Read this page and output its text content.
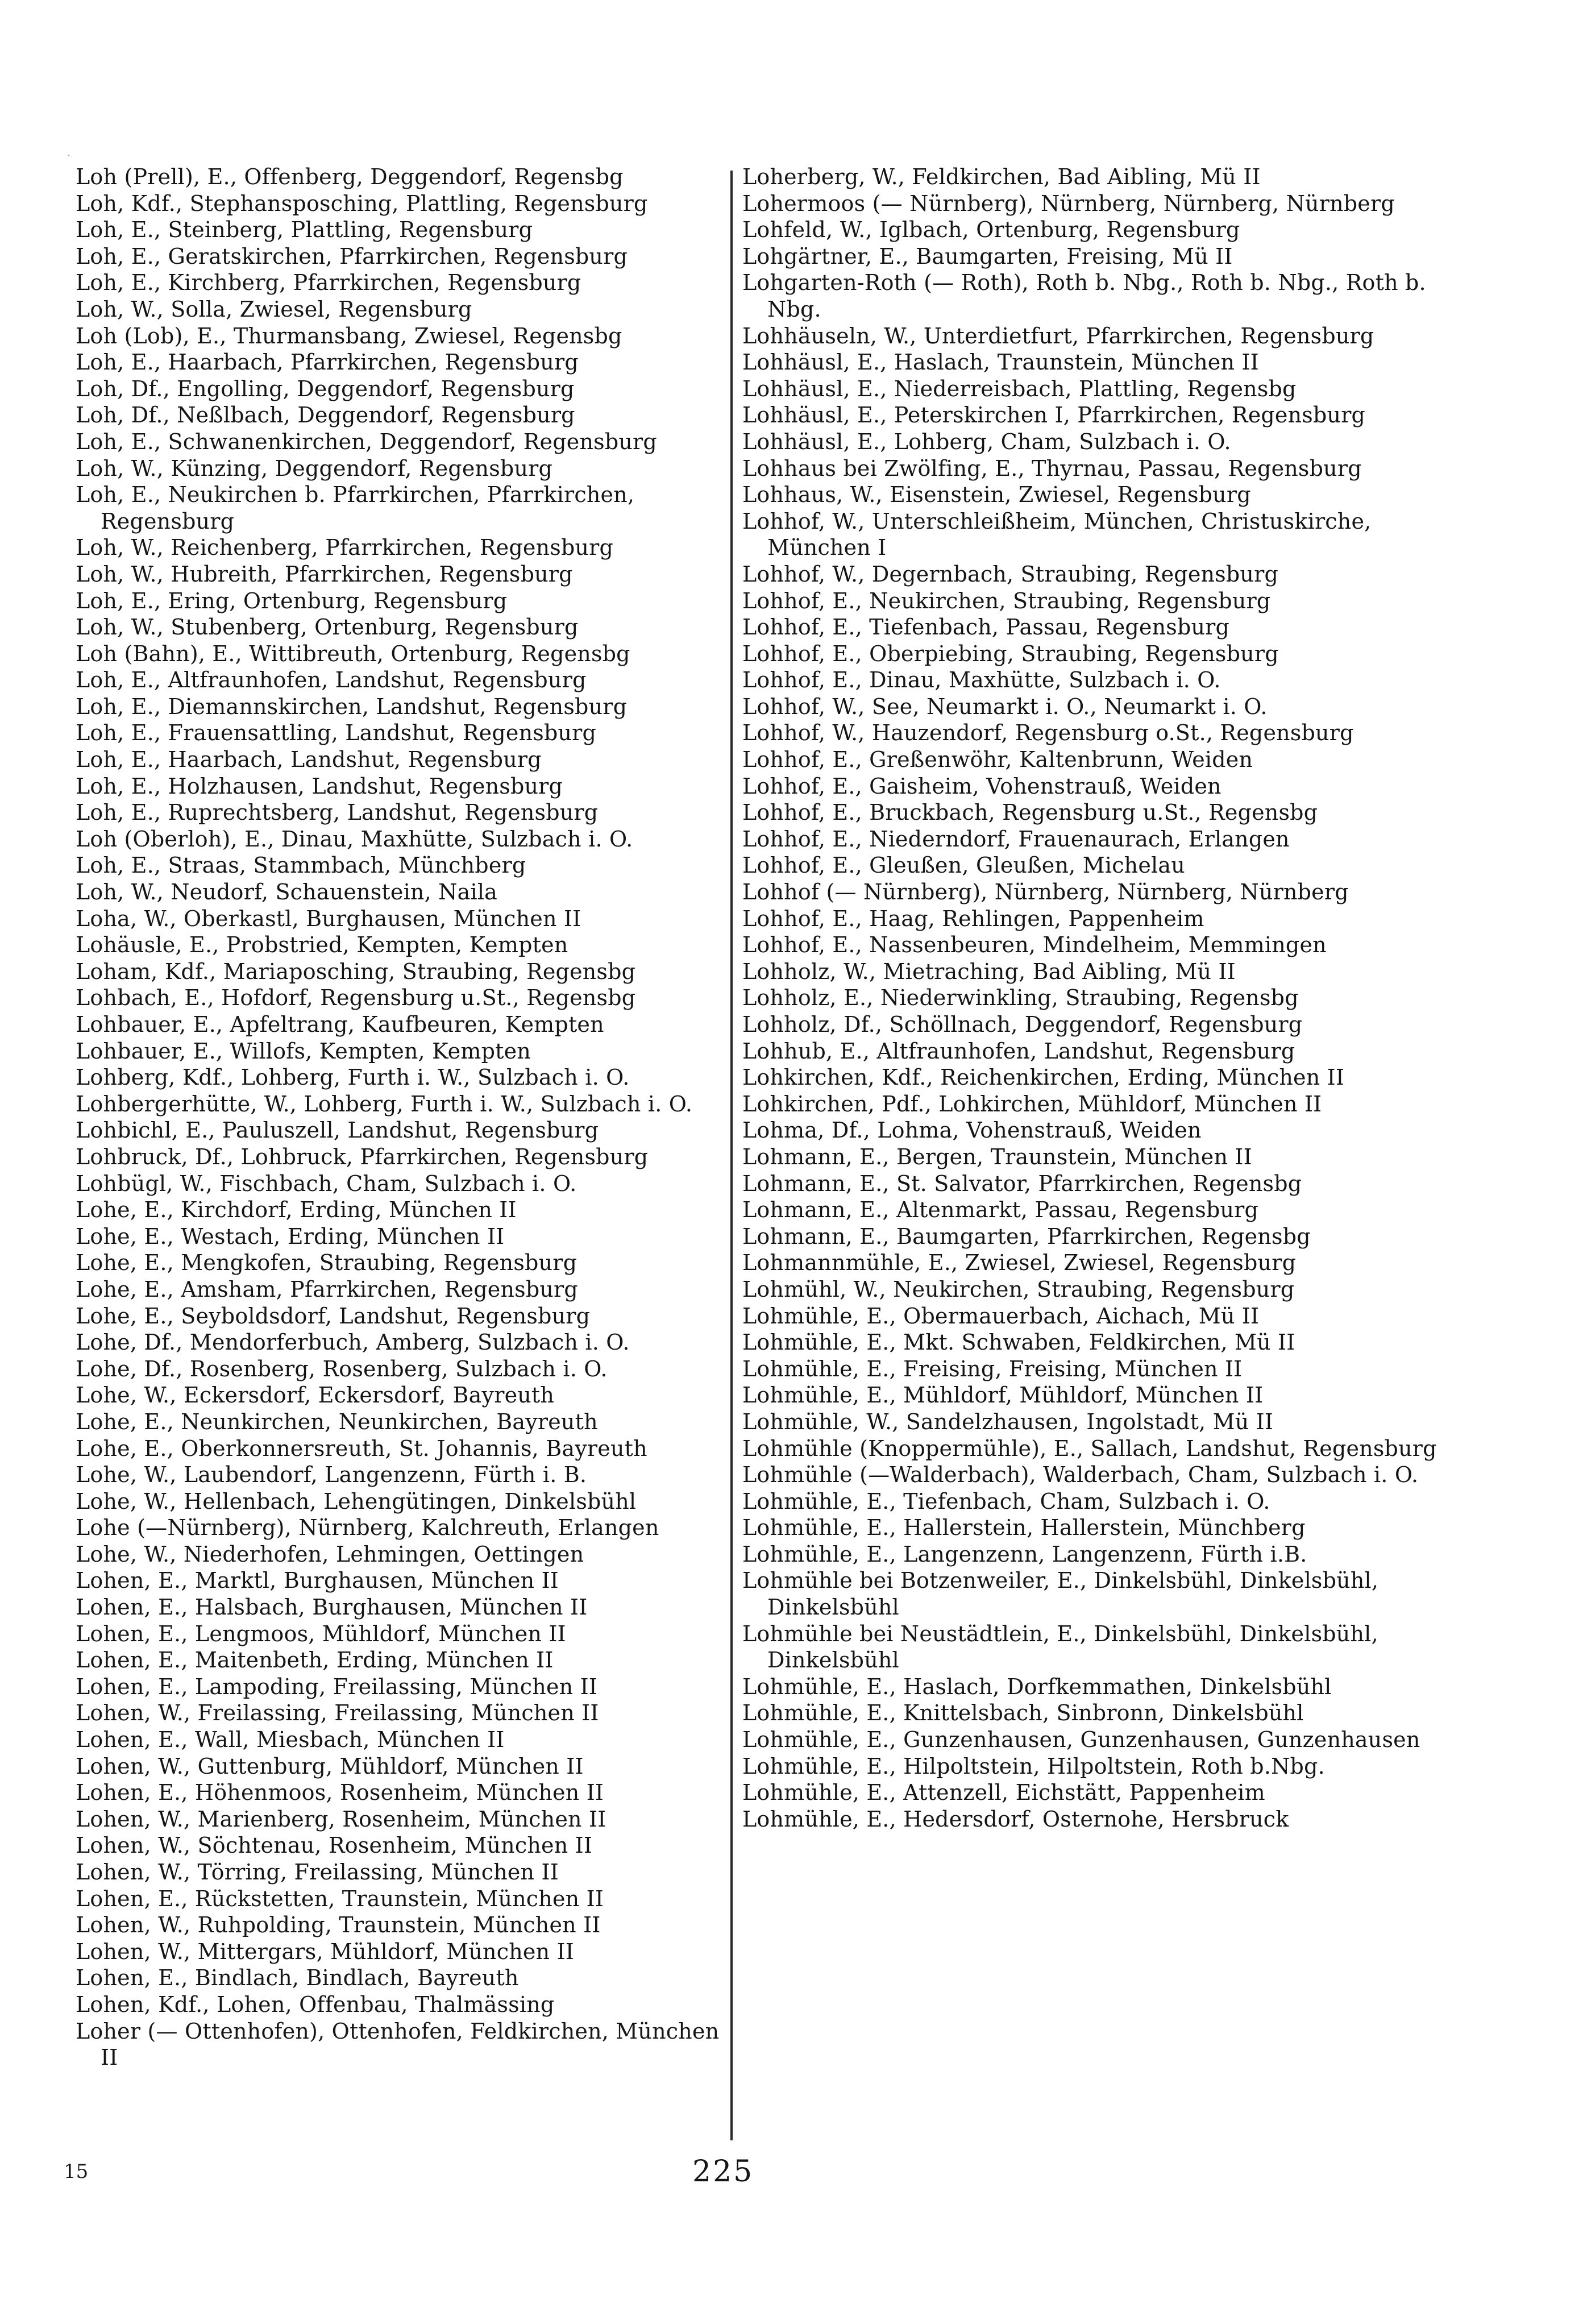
Loh (Prell), E., Offenberg, Deggendorf, Regensbg

Loh, Kdf., Stephansposching, Plattling, Regensburg

Loh, E., Steinberg, Plattling, Regensburg

Loh, E., Geratskirchen, Pfarrkirchen, Regensburg

Loh, E., Kirchberg, Pfarrkirchen, Regensburg

Loh, W., Solla, Zwiesel, Regensburg

Loh (Lob), E., Thurmansbang, Zwiesel, Regensbg

Loh, E., Haarbach, Pfarrkirchen, Regensburg

Loh, Df., Engolling, Deggendorf, Regensburg

Loh, Df., Neßlbach, Deggendorf, Regensburg

Loh, E., Schwanenkirchen, Deggendorf, Regensburg

Loh, W., Künzing, Deggendorf, Regensburg

Loh, E., Neukirchen b. Pfarrkirchen, Pfarrkirchen, Regensburg

Loh, W., Reichenberg, Pfarrkirchen, Regensburg

Loh, W., Hubreith, Pfarrkirchen, Regensburg

Loh, E., Ering, Ortenburg, Regensburg

Loh, W., Stubenberg, Ortenburg, Regensburg

Loh (Bahn), E., Wittibreuth, Ortenburg, Regensbg

Loh, E., Altfraunhofen, Landshut, Regensburg

Loh, E., Diemannskirchen, Landshut, Regensburg

Loh, E., Frauensattling, Landshut, Regensburg

Loh, E., Haarbach, Landshut, Regensburg

Loh, E., Holzhausen, Landshut, Regensburg

Loh, E., Ruprechtsberg, Landshut, Regensburg

Loh (Oberloh), E., Dinau, Maxhütte, Sulzbach i. O.

Loh, E., Straas, Stammbach, Münchberg

Loh, W., Neudorf, Schauenstein, Naila

Loha, W., Oberkastl, Burghausen, München II

Lohäusle, E., Probstried, Kempten, Kempten

Loham, Kdf., Mariaposching, Straubing, Regensbg

Lohbach, E., Hofdorf, Regensburg u.St., Regensbg

Lohbauer, E., Apfeltrang, Kaufbeuren, Kempten

Lohbauer, E., Willofs, Kempten, Kempten

Lohberg, Kdf., Lohberg, Furth i. W., Sulzbach i. O.

Lohbergerhütte, W., Lohberg, Furth i. W., Sulzbach i. O.

Lohbichl, E., Pauluszell, Landshut, Regensburg

Lohbruck, Df., Lohbruck, Pfarrkirchen, Regensburg

Lohbügl, W., Fischbach, Cham, Sulzbach i. O.

Lohe, E., Kirchdorf, Erding, München II

Lohe, E., Westach, Erding, München II

Lohe, E., Mengkofen, Straubing, Regensburg

Lohe, E., Amsham, Pfarrkirchen, Regensburg

Lohe, E., Seyboldsdorf, Landshut, Regensburg

Lohe, Df., Mendorferbuch, Amberg, Sulzbach i. O.

Lohe, Df., Rosenberg, Rosenberg, Sulzbach i. O.

Lohe, W., Eckersdorf, Eckersdorf, Bayreuth

Lohe, E., Neunkirchen, Neunkirchen, Bayreuth

Lohe, E., Oberkonnersreuth, St. Johannis, Bayreuth

Lohe, W., Laubendorf, Langenzenn, Fürth i. B.

Lohe, W., Hellenbach, Lehengütingen, Dinkelsbühl

Lohe (—Nürnberg), Nürnberg, Kalchreuth, Erlangen

Lohe, W., Niederhofen, Lehmingen, Oettingen

Lohen, E., Marktl, Burghausen, München II

Lohen, E., Halsbach, Burghausen, München II

Lohen, E., Lengmoos, Mühldorf, München II

Lohen, E., Maitenbeth, Erding, München II

Lohen, E., Lampoding, Freilassing, München II

Lohen, W., Freilassing, Freilassing, München II

Lohen, E., Wall, Miesbach, München II

Lohen, W., Guttenburg, Mühldorf, München II

Lohen, E., Höhenmoos, Rosenheim, München II

Lohen, W., Marienberg, Rosenheim, München II

Lohen, W., Söchtenau, Rosenheim, München II

Lohen, W., Törring, Freilassing, München II

Lohen, E., Rückstetten, Traunstein, München II

Lohen, W., Ruhpolding, Traunstein, München II

Lohen, W., Mittergars, Mühldorf, München II

Lohen, E., Bindlach, Bindlach, Bayreuth

Lohen, Kdf., Lohen, Offenbau, Thalmässing

Loher (— Ottenhofen), Ottenhofen, Feldkirchen, München II

Loherberg, W., Feldkirchen, Bad Aibling, Mü II

Lohermoos (— Nürnberg), Nürnberg, Nürnberg, Nürnberg

Lohfeld, W., Iglbach, Ortenburg, Regensburg

Lohgärtner, E., Baumgarten, Freising, Mü II

Lohgarten-Roth (— Roth), Roth b. Nbg., Roth b. Nbg., Roth b. Nbg.

Lohhäuseln, W., Unterdietfurt, Pfarrkirchen, Regensburg

Lohhäusl, E., Haslach, Traunstein, München II

Lohhäusl, E., Niederreisbach, Plattling, Regensbg

Lohhäusl, E., Peterskirchen I, Pfarrkirchen, Regensburg

Lohhäusl, E., Lohberg, Cham, Sulzbach i. O.

Lohhaus bei Zwölfing, E., Thyrnau, Passau, Regensburg

Lohhaus, W., Eisenstein, Zwiesel, Regensburg

Lohhof, W., Unterschleißheim, München, Christuskirche, München I

Lohhof, W., Degernbach, Straubing, Regensburg

Lohhof, E., Neukirchen, Straubing, Regensburg

Lohhof, E., Tiefenbach, Passau, Regensburg

Lohhof, E., Oberpiebing, Straubing, Regensburg

Lohhof, E., Dinau, Maxhütte, Sulzbach i. O.

Lohhof, W., See, Neumarkt i. O., Neumarkt i. O.

Lohhof, W., Hauzendorf, Regensburg o.St., Regensburg

Lohhof, E., Greßenwöhr, Kaltenbrunn, Weiden

Lohhof, E., Gaisheim, Vohenstrauß, Weiden

Lohhof, E., Bruckbach, Regensburg u.St., Regensbg

Lohhof, E., Niederndorf, Frauenaurach, Erlangen

Lohhof, E., Gleußen, Gleußen, Michelau

Lohhof (— Nürnberg), Nürnberg, Nürnberg, Nürnberg

Lohhof, E., Haag, Rehlingen, Pappenheim

Lohhof, E., Nassenbeuren, Mindelheim, Memmingen

Lohholz, W., Mietraching, Bad Aibling, Mü II

Lohholz, E., Niederwinkling, Straubing, Regensbg

Lohholz, Df., Schöllnach, Deggendorf, Regensburg

Lohhub, E., Altfraunhofen, Landshut, Regensburg

Lohkirchen, Kdf., Reichenkirchen, Erding, München II

Lohkirchen, Pdf., Lohkirchen, Mühldorf, München II

Lohma, Df., Lohma, Vohenstrauß, Weiden

Lohmann, E., Bergen, Traunstein, München II

Lohmann, E., St. Salvator, Pfarrkirchen, Regensbg

Lohmann, E., Altenmarkt, Passau, Regensburg

Lohmann, E., Baumgarten, Pfarrkirchen, Regensbg

Lohmannmühle, E., Zwiesel, Zwiesel, Regensburg

Lohmühl, W., Neukirchen, Straubing, Regensburg

Lohmühle, E., Obermauerbach, Aichach, Mü II

Lohmühle, E., Mkt. Schwaben, Feldkirchen, Mü II

Lohmühle, E., Freising, Freising, München II

Lohmühle, E., Mühldorf, Mühldorf, München II

Lohmühle, W., Sandelzhausen, Ingolstadt, Mü II

Lohmühle (Knoppermühle), E., Sallach, Landshut, Regensburg

Lohmühle (—Walderbach), Walderbach, Cham, Sulzbach i. O.

Lohmühle, E., Tiefenbach, Cham, Sulzbach i. O.

Lohmühle, E., Hallerstein, Hallerstein, Münchberg

Lohmühle, E., Langenzenn, Langenzenn, Fürth i.B.

Lohmühle bei Botzenweiler, E., Dinkelsbühl, Dinkelsbühl, Dinkelsbühl

Lohmühle bei Neustädtlein, E., Dinkelsbühl, Dinkelsbühl, Dinkelsbühl

Lohmühle, E., Haslach, Dorfkemmathen, Dinkelsbühl

Lohmühle, E., Knittelsbach, Sinbronn, Dinkelsbühl

Lohmühle, E., Gunzenhausen, Gunzenhausen, Gunzenhausen

Lohmühle, E., Hilpoltstein, Hilpoltstein, Roth b.Nbg.

Lohmühle, E., Attenzell, Eichstätt, Pappenheim

Lohmühle, E., Hedersdorf, Osternohe, Hersbruck

15	225
ˏ
